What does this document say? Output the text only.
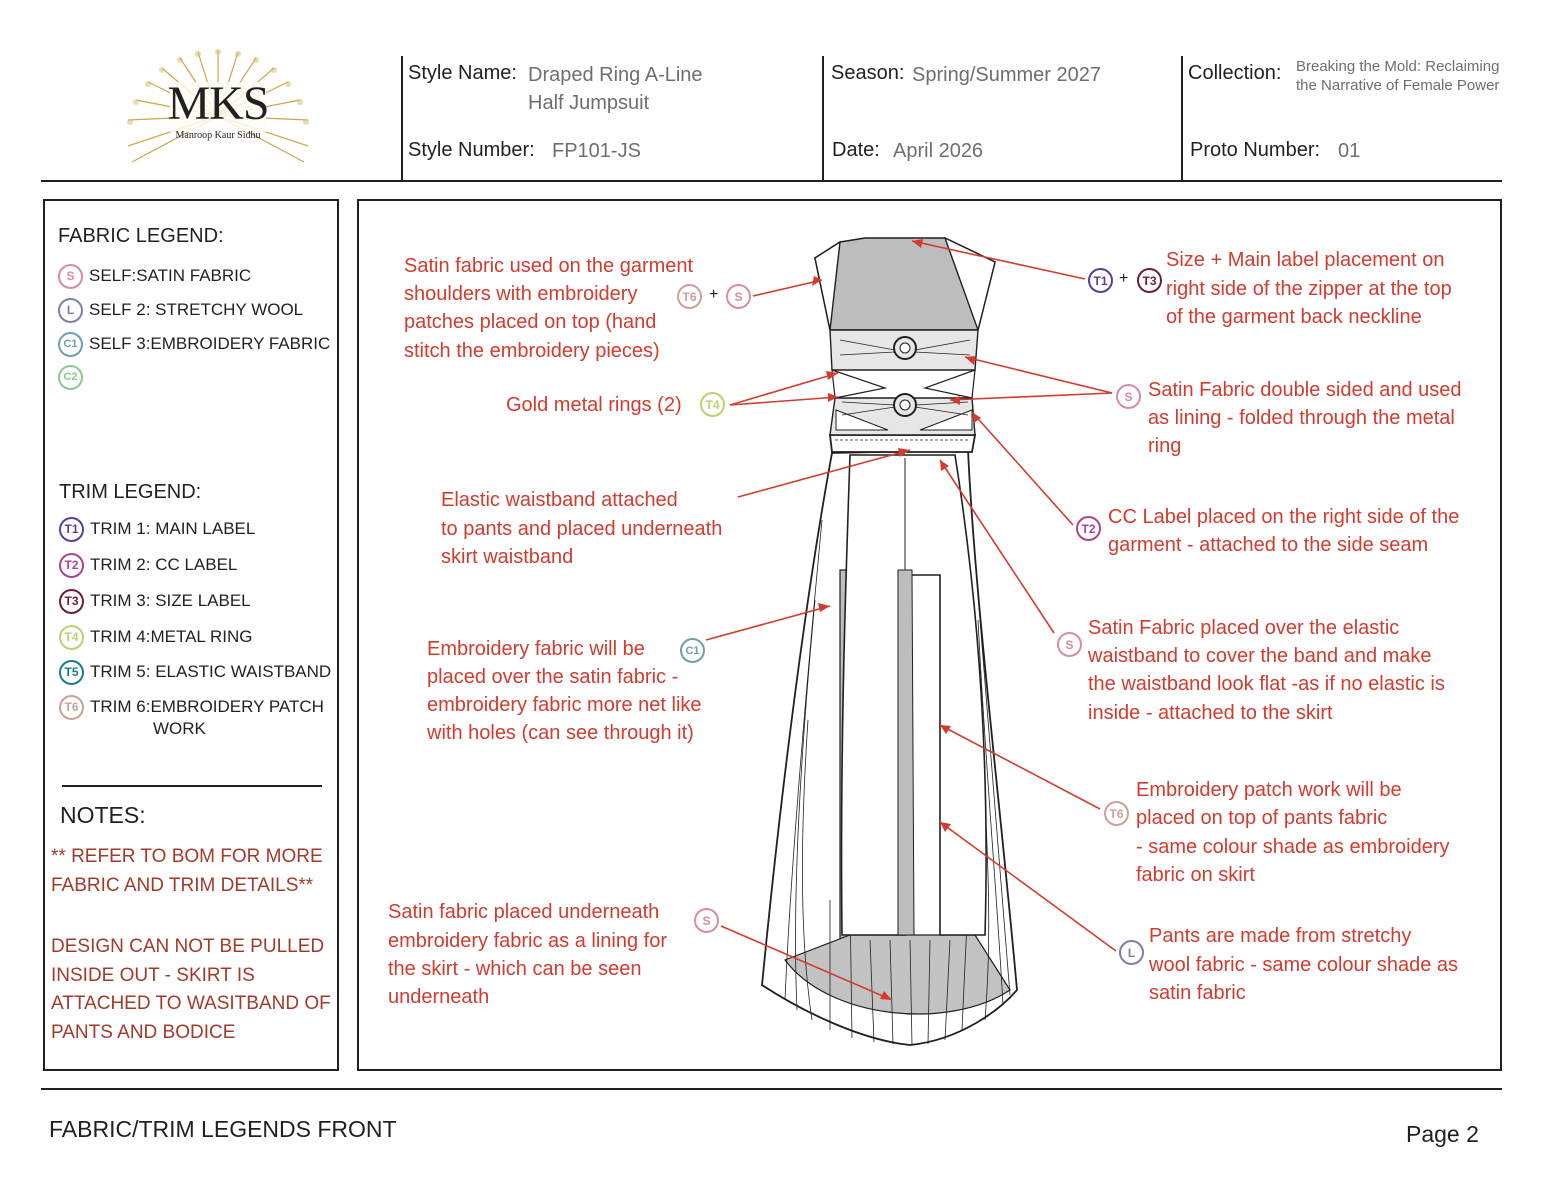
MKS
Manroop Kaur Sidhu
Style Name: Draped Ring A-Line
Half Jumpsuit
Style Number: FP101-JS
Season: Spring/Summer 2027
Date: April 2026
Collection: Breaking the Mold: Reclaiming
the Narrative of Female Power
Proto Number: 01
FABRIC LEGEND:
S SELF:SATIN FABRIC
L SELF 2: STRETCHY WOOL
C1 SELF 3:EMBROIDERY FABRIC
C2
TRIM LEGEND:
T1 TRIM 1: MAIN LABEL
T2 TRIM 2: CC LABEL
T3 TRIM 3: SIZE LABEL
T4 TRIM 4:METAL RING
T5 TRIM 5: ELASTIC WAISTBAND
T6 TRIM 6:EMBROIDERY PATCH
WORK
NOTES:
** REFER TO BOM FOR MORE FABRIC AND TRIM DETAILS**
DESIGN CAN NOT BE PULLED INSIDE OUT - SKIRT IS ATTACHED TO WASITBAND OF PANTS AND BODICE
Satin fabric used on the garment
shoulders with embroidery
patches placed on top (hand
stitch the embroidery pieces)
T6 +	S
Gold metal rings (2)	T4
Elastic waistband attached
to pants and placed underneath
skirt waistband
Embroidery fabric will be	C1
placed over the satin fabric -
embroidery fabric more net like
with holes (can see through it)
Satin fabric placed underneath	S
embroidery fabric as a lining for
the skirt - which can be seen
underneath
T1 +	T3
Size + Main label placement on
right side of the zipper at the top
of the garment back neckline
S Satin Fabric double sided and used
as lining - folded through the metal
ring
T2
CC Label placed on the right side of the
garment - attached to the side seam
S
Satin Fabric placed over the elastic
waistband to cover the band and make
the waistband look flat -as if no elastic is
inside - attached to the skirt
T6
Embroidery patch work will be
placed on top of pants fabric
- same colour shade as embroidery
fabric on skirt
L
Pants are made from stretchy
wool fabric - same colour shade as
satin fabric
FABRIC/TRIM LEGENDS FRONT	Page 2
